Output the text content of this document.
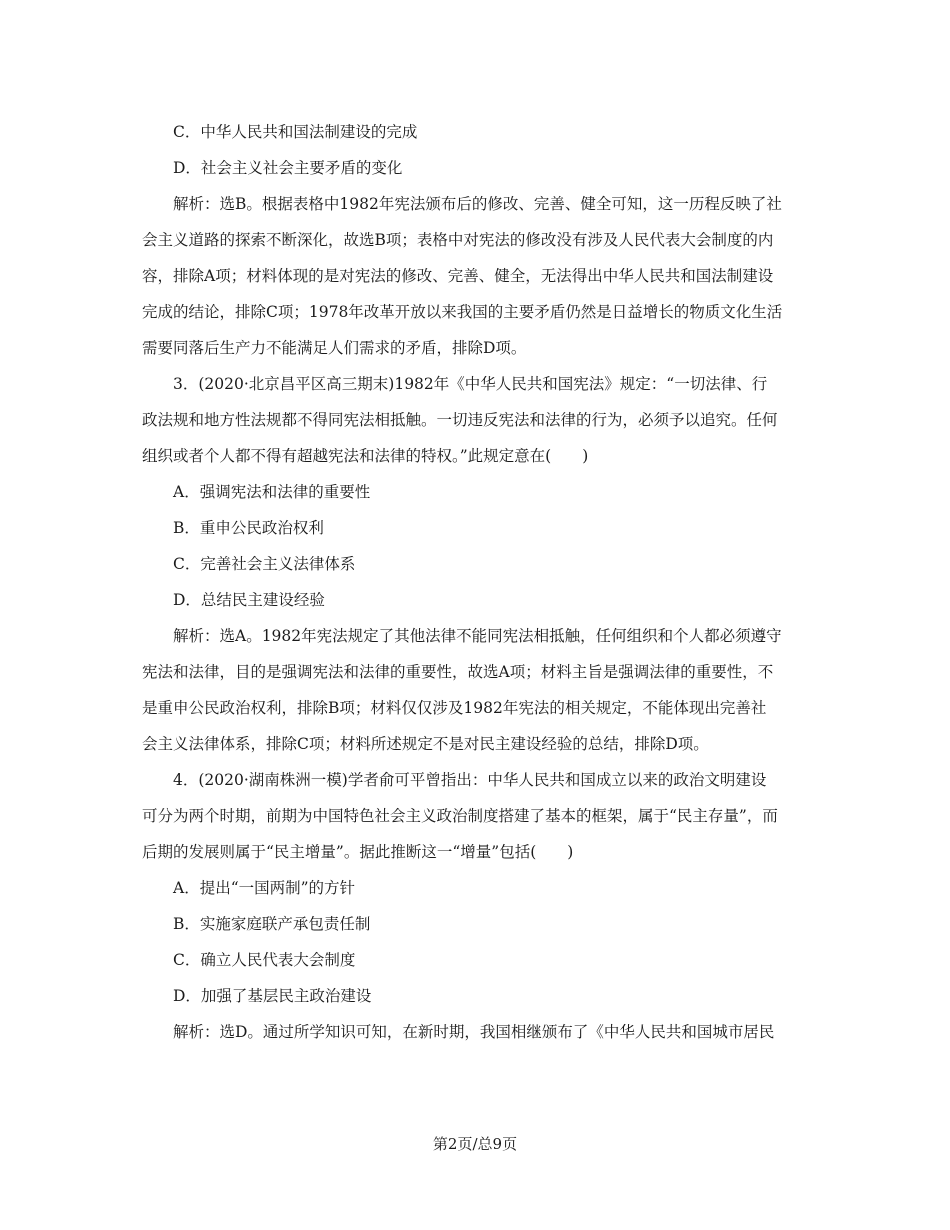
C．中华人民共和国法制建设的完成
D．社会主义社会主要矛盾的变化
解析：选B。根据表格中1982年宪法颁布后的修改、完善、健全可知，这一历程反映了社
会主义道路的探索不断深化，故选B项；表格中对宪法的修改没有涉及人民代表大会制度的内
容，排除A项；材料体现的是对宪法的修改、完善、健全，无法得出中华人民共和国法制建设
完成的结论，排除C项；1978年改革开放以来我国的主要矛盾仍然是日益增长的物质文化生活
需要同落后生产力不能满足人们需求的矛盾，排除D项。
3．(2020·北京昌平区高三期末)1982年《中华人民共和国宪法》规定：“一切法律、行
政法规和地方性法规都不得同宪法相抵触。一切违反宪法和法律的行为，必须予以追究。任何
组织或者个人都不得有超越宪法和法律的特权。”此规定意在(　　)
A．强调宪法和法律的重要性
B．重申公民政治权利
C．完善社会主义法律体系
D．总结民主建设经验
解析：选A。1982年宪法规定了其他法律不能同宪法相抵触，任何组织和个人都必须遵守
宪法和法律，目的是强调宪法和法律的重要性，故选A项；材料主旨是强调法律的重要性，不
是重申公民政治权利，排除B项；材料仅仅涉及1982年宪法的相关规定，不能体现出完善社
会主义法律体系，排除C项；材料所述规定不是对民主建设经验的总结，排除D项。
4．(2020·湖南株洲一模)学者俞可平曾指出：中华人民共和国成立以来的政治文明建设
可分为两个时期，前期为中国特色社会主义政治制度搭建了基本的框架，属于“民主存量”，而
后期的发展则属于“民主增量”。据此推断这一“增量”包括(　　)
A．提出“一国两制”的方针
B．实施家庭联产承包责任制
C．确立人民代表大会制度
D．加强了基层民主政治建设
解析：选D。通过所学知识可知，在新时期，我国相继颁布了《中华人民共和国城市居民
第2页/总9页
